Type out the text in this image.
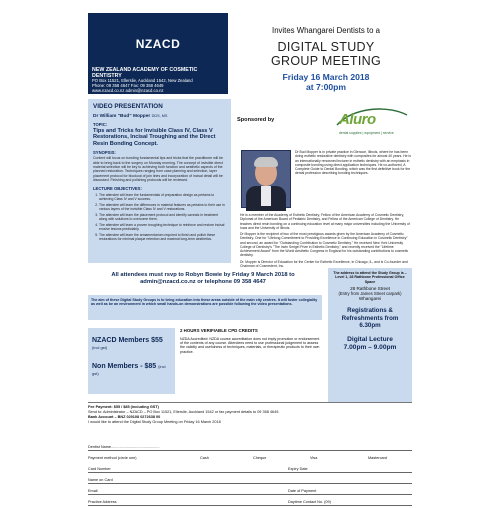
NZACD
NEW ZEALAND ACADEMY OF COSMETIC DENTISTRY
PO Box 11521, Ellerslie, Auckland 1542, New Zealand
Phone: 09 358 4647 Fax: 09 358 4649
www.nzacd.co.nz admin@nzacd.co.nz
Invites Whangarei Dentists to a
DIGITAL STUDY
GROUP MEETING
Friday 16 March 2018
at 7:00pm
VIDEO PRESENTATION
Dr William "Bud" Mopper DDS, MS
TOPIC:
Tips and Tricks for Invisible Class IV, Class V Restorations, Incisal Troughing and the Direct Resin Bonding Concept.
SYNOPSIS:
Content will focus on bonding fundamental tips and tricks that the practitioner will be able to bring back to the surgery on Monday morning. The concept of invisible direct material selection will be key to achieving both function and aesthetic aspects of the planned restoration. Techniques ranging from case planning and selection, layer placement protocol for blockout of join lines and incorporation of incisal detail will be discussed. Finishing and polishing protocols will be reviewed.
LECTURE OBJECTIVES:
1. The attendee will learn the fundamentals of preparation design as pertains to achieving Class IV and V success.
2. The attendee will learn the differences in material features as pertains to their use in various layers of the invisible Class IV and V restorations.
3. The attendee will learn the placement protocol and identify caveats in treatment along with solutions to overcome them.
4. The attendee will learn a proven troughing technique to reinforce and restore incisal erosive lesions predictably.
5. The attendee will learn the armamentarium required to finish and polish these restorations for minimal plaque retention and maximal long-term aesthetics.
Sponsored by	Aluro
dental supplies | equipment | service
Dr Bud Mopper is in private practice in Glencoe, Illinois, where he has been doing esthetic restorative dentistry with composites for almost 40 years. He is an internationally renowned lecturer in esthetic dentistry with an emphasis in composite bonding using direct application techniques. He co-authored, A Complete Guide to Dental Bonding, which was the first definitive book for the dental profession describing bonding techniques.

He is a member of the Academy of Esthetic Dentistry, Fellow of the American Academy of Cosmetic Dentistry, Diplomat of the American Board of Pediatric Dentistry, and Fellow of the American College of Dentistry. He teaches direct resin bonding on a continuing education level at many major universities including the University of Iowa and the University of Illinois.

Dr Mopper is the recipient of two of the most prestigious awards given by the American Academy of Cosmetic Dentistry. One for "Lifelong Commitment to Providing Excellence in Continuing Education in Cosmetic Dentistry" and second, an award for "Outstanding Contribution to Cosmetic Dentistry." He received New York University College of Dentistry's "The Irwin Smigel Prize in Esthetic Dentistry," and recently received the "Lifetime Achievement Award" from the World Aesthetic Congress in England for his outstanding contributions to cosmetic dentistry.

Dr. Mopper is Director of Education for the Center for Esthetic Excellence, in Chicago, IL, and is Co-founder and Chairman of Cosmedent, Inc.

All attendees must rsvp to Robyn Bowie by Friday 9 March 2018 to
admin@nzacd.co.nz or telephone 09 358 4647
The address to attend the Study Group is – Level 1, 28 Rathbone Professional Office Space
28 Rathbone Street
(Entry from James Street carpark)
Whangarei
Registrations & Refreshments from 6.30pm
Digital Lecture
7.00pm – 9.00pm
The aim of these Digital Study Groups is to bring education into these areas outside of the main city centres. It will foster collegiality as well as be an environment in which small hands-on demonstrations are possible following the video presentations.
NZACD Members $55 (incl gst)
Non Members - $85 (incl gst)
2 HOURS VERIFIABLE CPD CREDITS
NZDA Accredited: NZDA course accreditation does not imply promotion or endorsement of the contents of any course. Attendees need to use professional judgement to assess the validity and usefulness of techniques, materials, or therapeutic products to their own practice.
Fee Payment: $55 / $85 (including GST)
Send to: Administrator – NZACD – PO Box 11521, Ellerslie, Auckland 1542 or fax payment details to 09 358 4649.
Bank Account – BNZ 020108 0272638 00
I would like to attend the Digital Study Group Meeting on Friday 16 March 2018
Dentist Name..............................................
Payment method (circle one)	Cash	Cheque	Visa	Mastercard
Card Number	Expiry Date
Name on Card
Email	Date of Payment
Practice Address	Daytime Contact No. (09)
